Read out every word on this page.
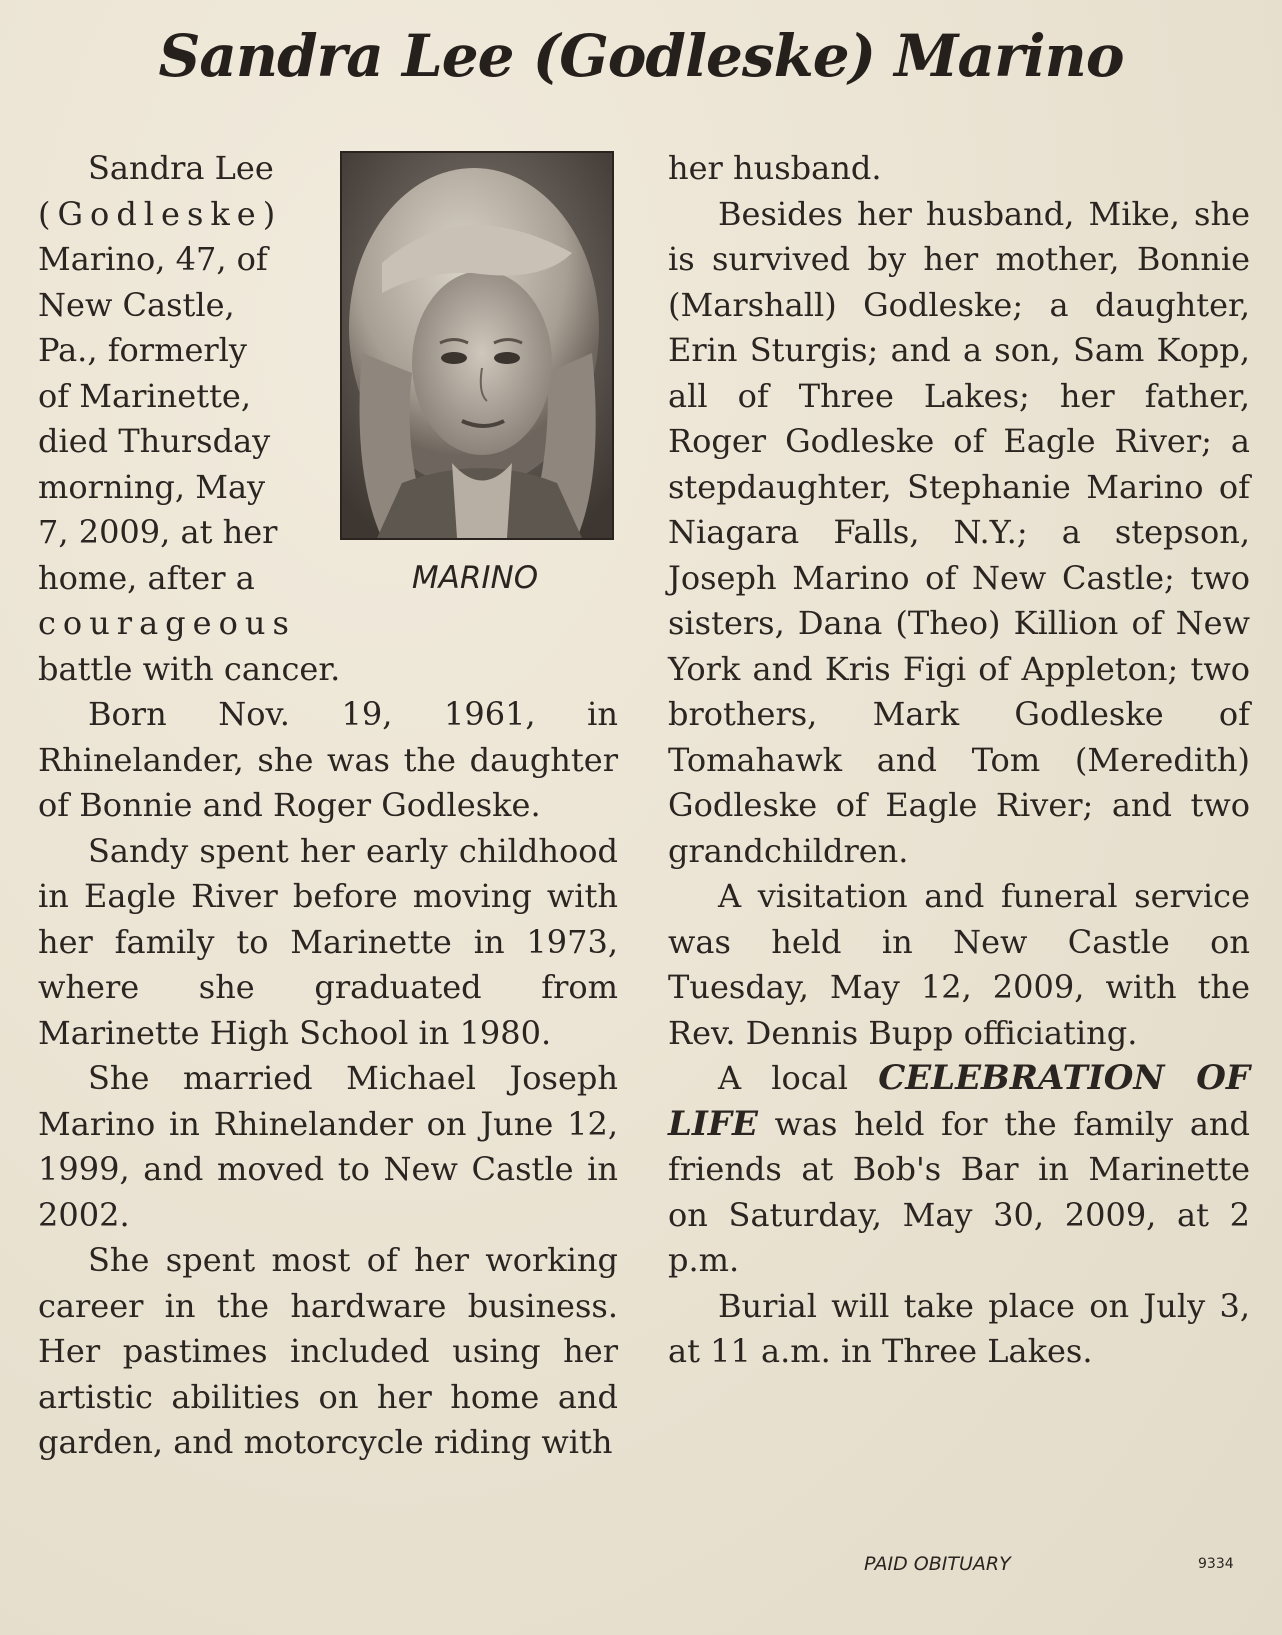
Sandra Lee (Godleske) Marino
MARINO

Sandra Lee
(Godleske)
Marino, 47, of
New Castle,
Pa., formerly
of Marinette,
died Thursday
morning, May
7, 2009, at her
home, after a
courageous
battle with cancer.

Born Nov. 19, 1961, in Rhinelander, she was the daughter of Bonnie and Roger Godleske.

Sandy spent her early childhood in Eagle River before moving with her family to Marinette in 1973, where she graduated from Marinette High School in 1980.

She married Michael Joseph Marino in Rhinelander on June 12, 1999, and moved to New Castle in 2002.

She spent most of her working career in the hardware business. Her pastimes included using her artistic abilities on her home and garden, and motorcycle riding with

her husband.

Besides her husband, Mike, she is survived by her mother, Bonnie (Marshall) Godleske; a daughter, Erin Sturgis; and a son, Sam Kopp, all of Three Lakes; her father, Roger Godleske of Eagle River; a stepdaughter, Stephanie Marino of Niagara Falls, N.Y.; a stepson, Joseph Marino of New Castle; two sisters, Dana (Theo) Killion of New York and Kris Figi of Appleton; two brothers, Mark Godleske of Tomahawk and Tom (Meredith) Godleske of Eagle River; and two grandchildren.

A visitation and funeral service was held in New Castle on Tuesday, May 12, 2009, with the Rev. Dennis Bupp officiating.

A local CELEBRATION OF LIFE was held for the family and friends at Bob's Bar in Marinette on Saturday, May 30, 2009, at 2 p.m.

Burial will take place on July 3, at 11 a.m. in Three Lakes.

PAID OBITUARY	9334
